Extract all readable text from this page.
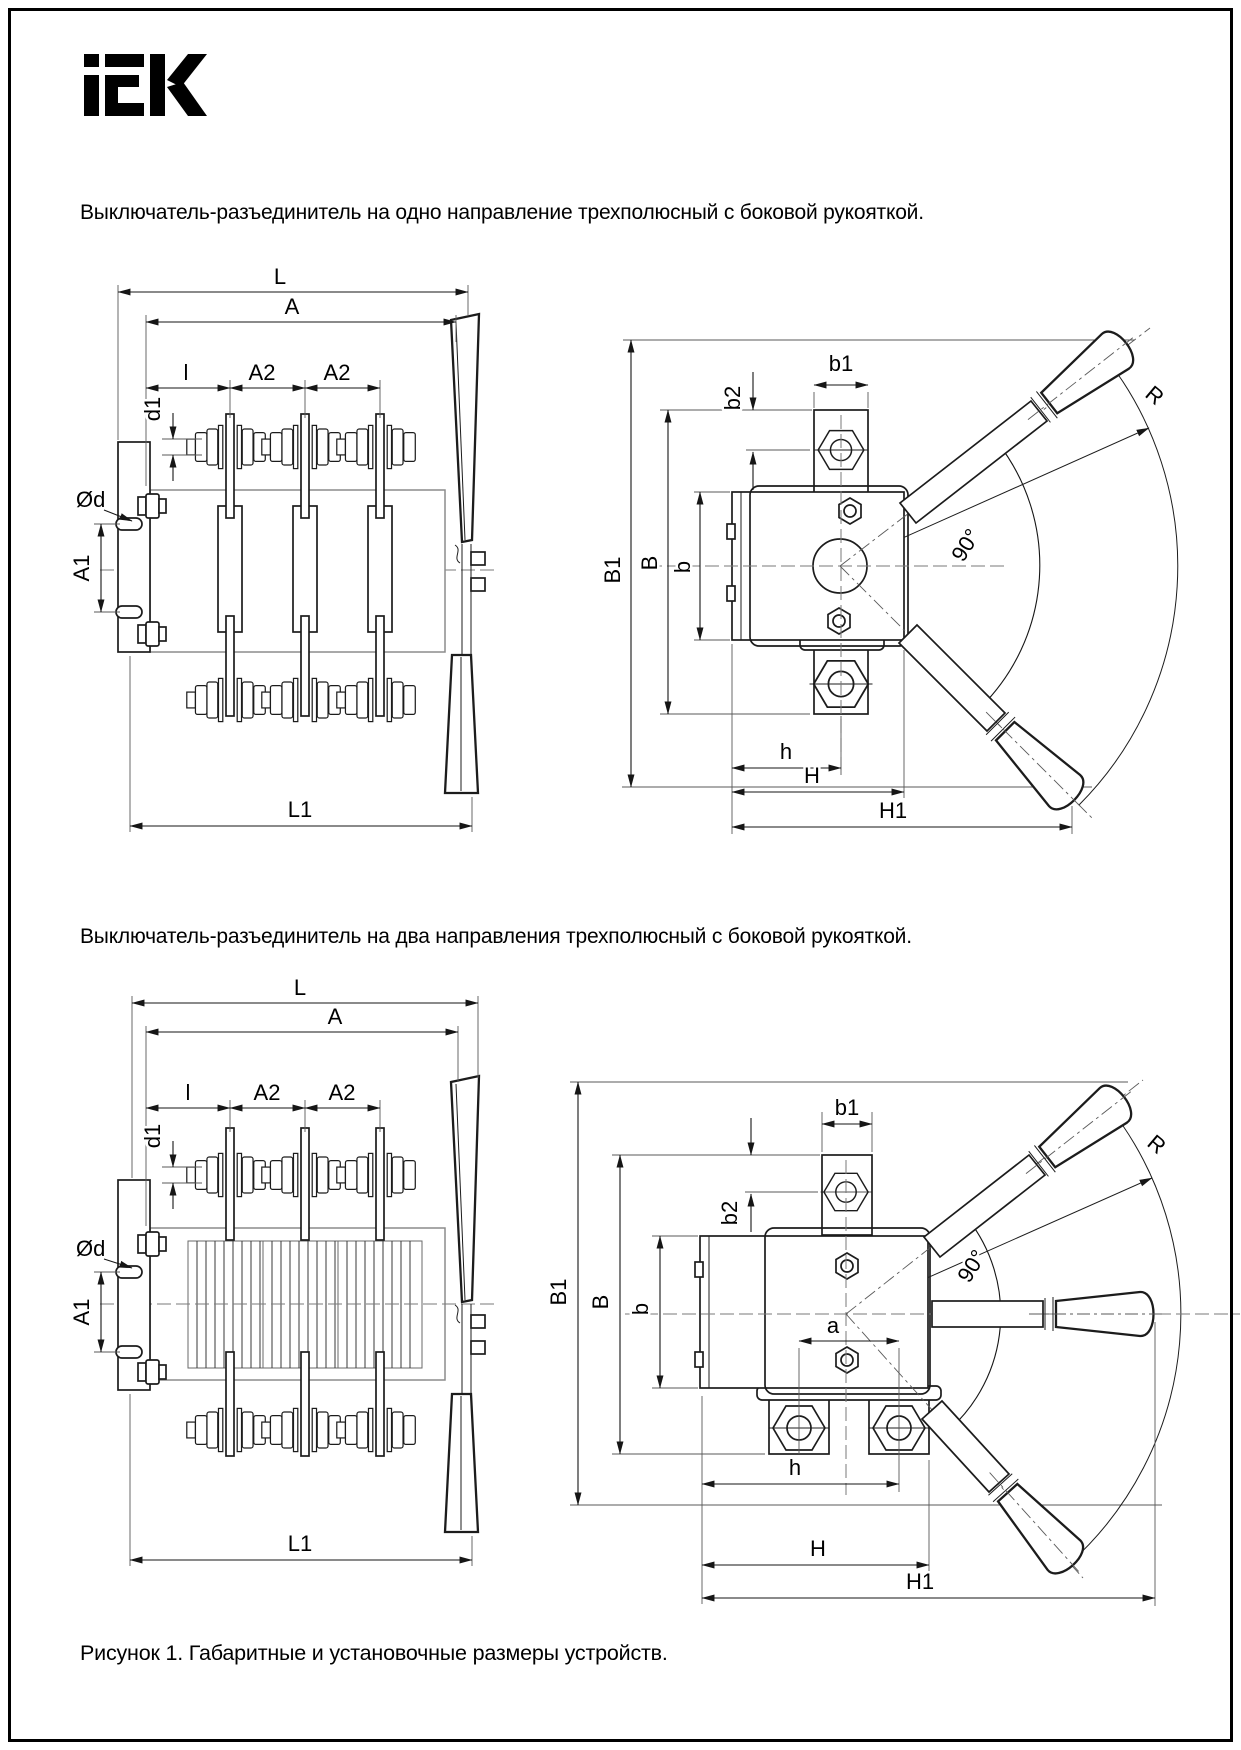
Выключатель-разъединитель на одно направление трехполюсный с боковой рукояткой.
Выключатель-разъединитель на два направления трехполюсный с боковой рукояткой.
Рисунок 1. Габаритные и установочные размеры устройств.
L
A
l	A2 A2
d1
Ød
A1
L1
90°
R
b1
b2
B1 B b
h
H
H1
L
A
l	A2 A2
d1
Ød
A1
L1
90°
R
b1
b2
B1 B b
a
h
H
H1
